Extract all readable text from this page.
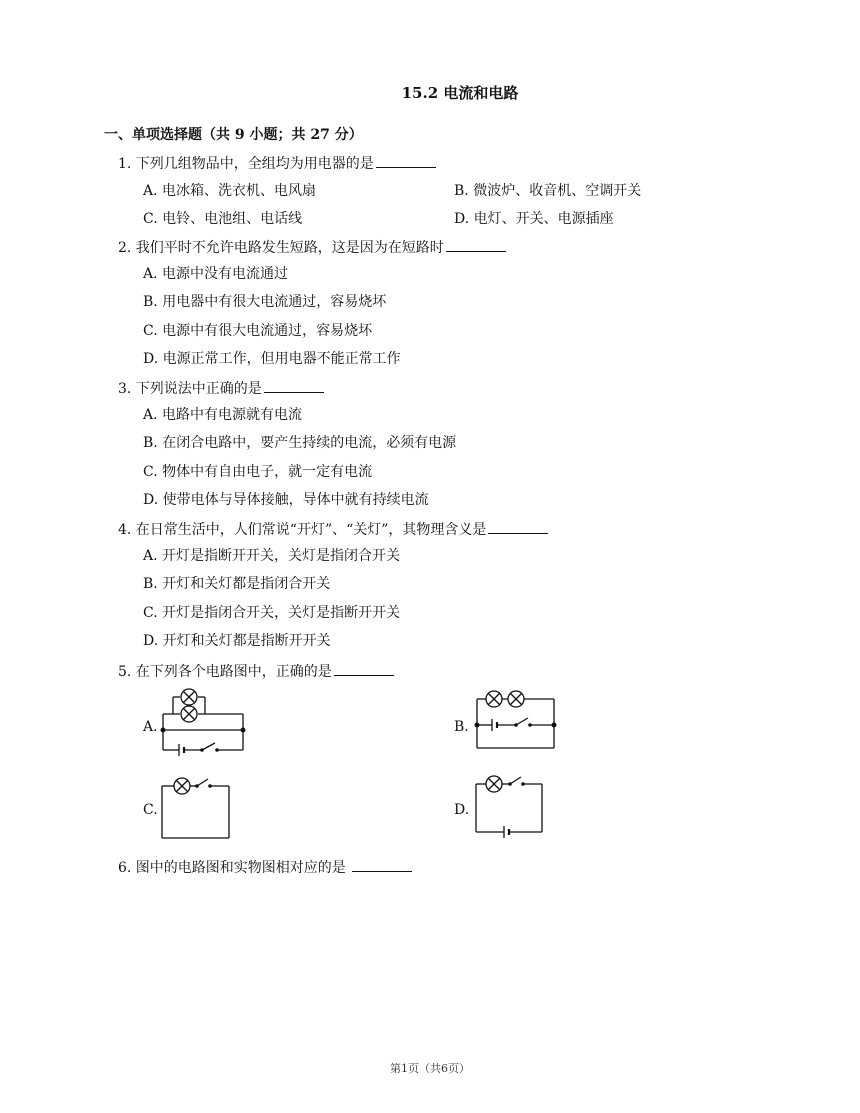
15.2 电流和电路
一、单项选择题（共 9 小题；共 27 分）
1. 下列几组物品中，全组均为用电器的是
A. 电冰箱、洗衣机、电风扇	B. 微波炉、收音机、空调开关
C. 电铃、电池组、电话线	D. 电灯、开关、电源插座
2. 我们平时不允许电路发生短路，这是因为在短路时
A. 电源中没有电流通过
B. 用电器中有很大电流通过，容易烧坏
C. 电源中有很大电流通过，容易烧坏
D. 电源正常工作，但用电器不能正常工作
3. 下列说法中正确的是
A. 电路中有电源就有电流
B. 在闭合电路中，要产生持续的电流，必须有电源
C. 物体中有自由电子，就一定有电流
D. 使带电体与导体接触，导体中就有持续电流
4. 在日常生活中，人们常说“开灯”、“关灯”，其物理含义是
A. 开灯是指断开开关，关灯是指闭合开关
B. 开灯和关灯都是指闭合开关
C. 开灯是指闭合开关，关灯是指断开开关
D. 开灯和关灯都是指断开开关
5. 在下列各个电路图中，正确的是
A.	B.
C.	D.
6. 图中的电路图和实物图相对应的是
第1页（共6页）
